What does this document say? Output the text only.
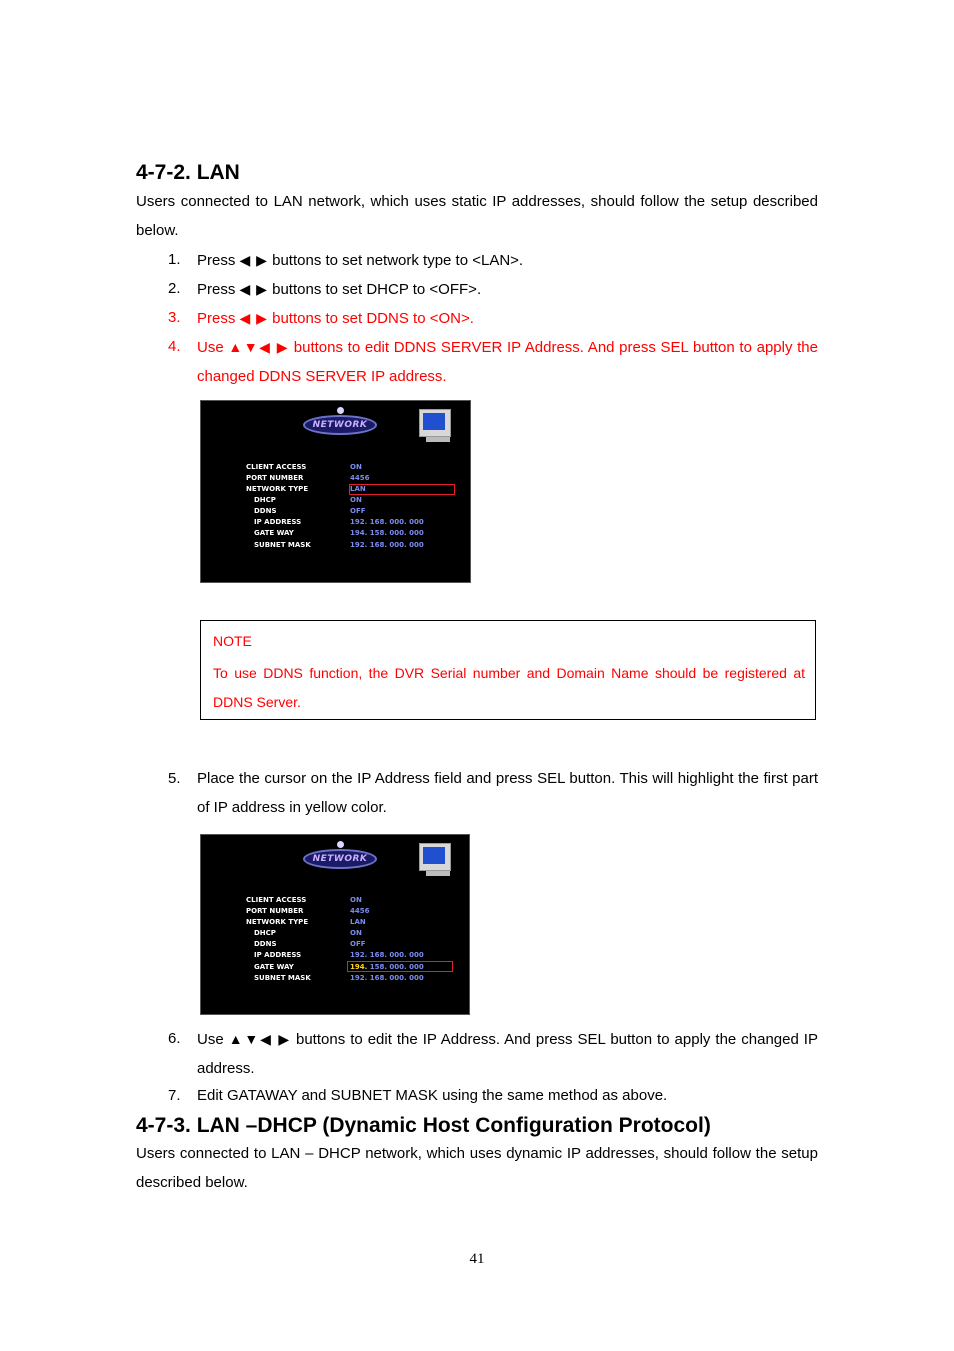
4-7-2. LAN
Users connected to LAN network, which uses static IP addresses, should follow the setup described below.
1. Press ◀ ▶ buttons to set network type to <LAN>.
2. Press ◀ ▶ buttons to set DHCP to <OFF>.
3. Press ◀ ▶ buttons to set DDNS to <ON>.
4. Use ▲▼◀ ▶ buttons to edit DDNS SERVER IP Address. And press SEL button to apply the changed DDNS SERVER IP address.
NETWORK
CLIENT ACCESS	ON
PORT NUMBER	4456
NETWORK TYPE	LAN
DHCP	ON
DDNS	OFF
IP ADDRESS	192. 168. 000. 000
GATE WAY	194. 158. 000. 000
SUBNET MASK	192. 168. 000. 000
NOTE
To use DDNS function, the DVR Serial number and Domain Name should be registered at DDNS Server.
5. Place the cursor on the IP Address field and press SEL button. This will highlight the first part of IP address in yellow color.
NETWORK
CLIENT ACCESS	ON
PORT NUMBER	4456
NETWORK TYPE	LAN
DHCP	ON
DDNS	OFF
IP ADDRESS	192. 168. 000. 000
GATE WAY	194. 158. 000. 000
SUBNET MASK	192. 168. 000. 000
6. Use ▲▼◀ ▶ buttons to edit the IP Address. And press SEL button to apply the changed IP address.
7. Edit GATAWAY and SUBNET MASK using the same method as above.
4-7-3. LAN –DHCP (Dynamic Host Configuration Protocol)
Users connected to LAN – DHCP network, which uses dynamic IP addresses, should follow the setup described below.
41
